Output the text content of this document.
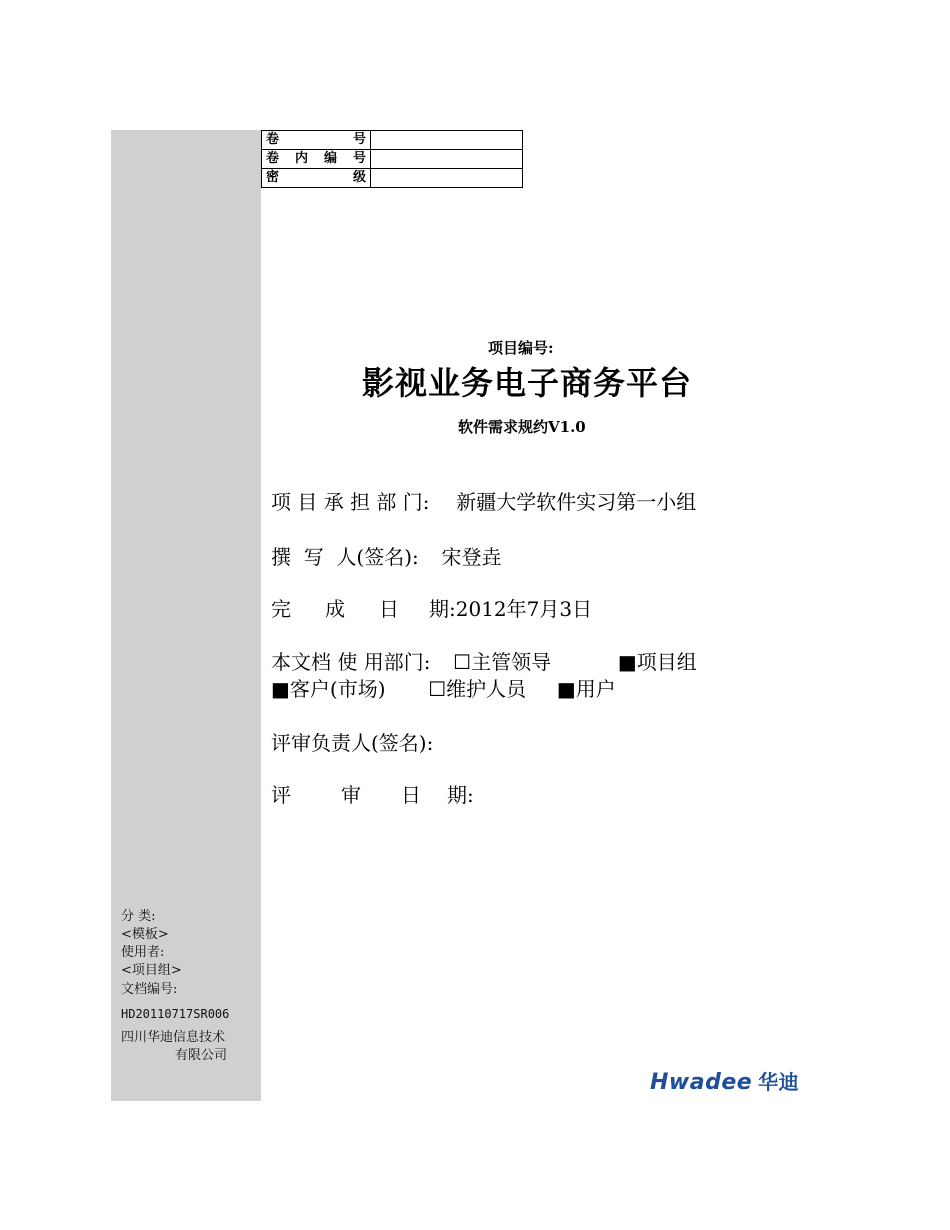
卷 号	

卷 内 编 号	

密 级	

项目编号:
影视业务电子商务平台
软件需求规约V1.0
项 目 承 担 部 门: 新疆大学软件实习第一小组
撰  写  人(签名): 宋登垚
完 成 日 期:2012年7月3日
本文档 使 用部门: ☐主管领导	■项目组
■客户(市场) ☐维护人员 ■用户
评审负责人(签名):
评	审 日 期:
分 类:
<模板>
使用者:
<项目组>
文档编号:
HD20110717SR006
四川华迪信息技术
有限公司
Hwadee 华迪
